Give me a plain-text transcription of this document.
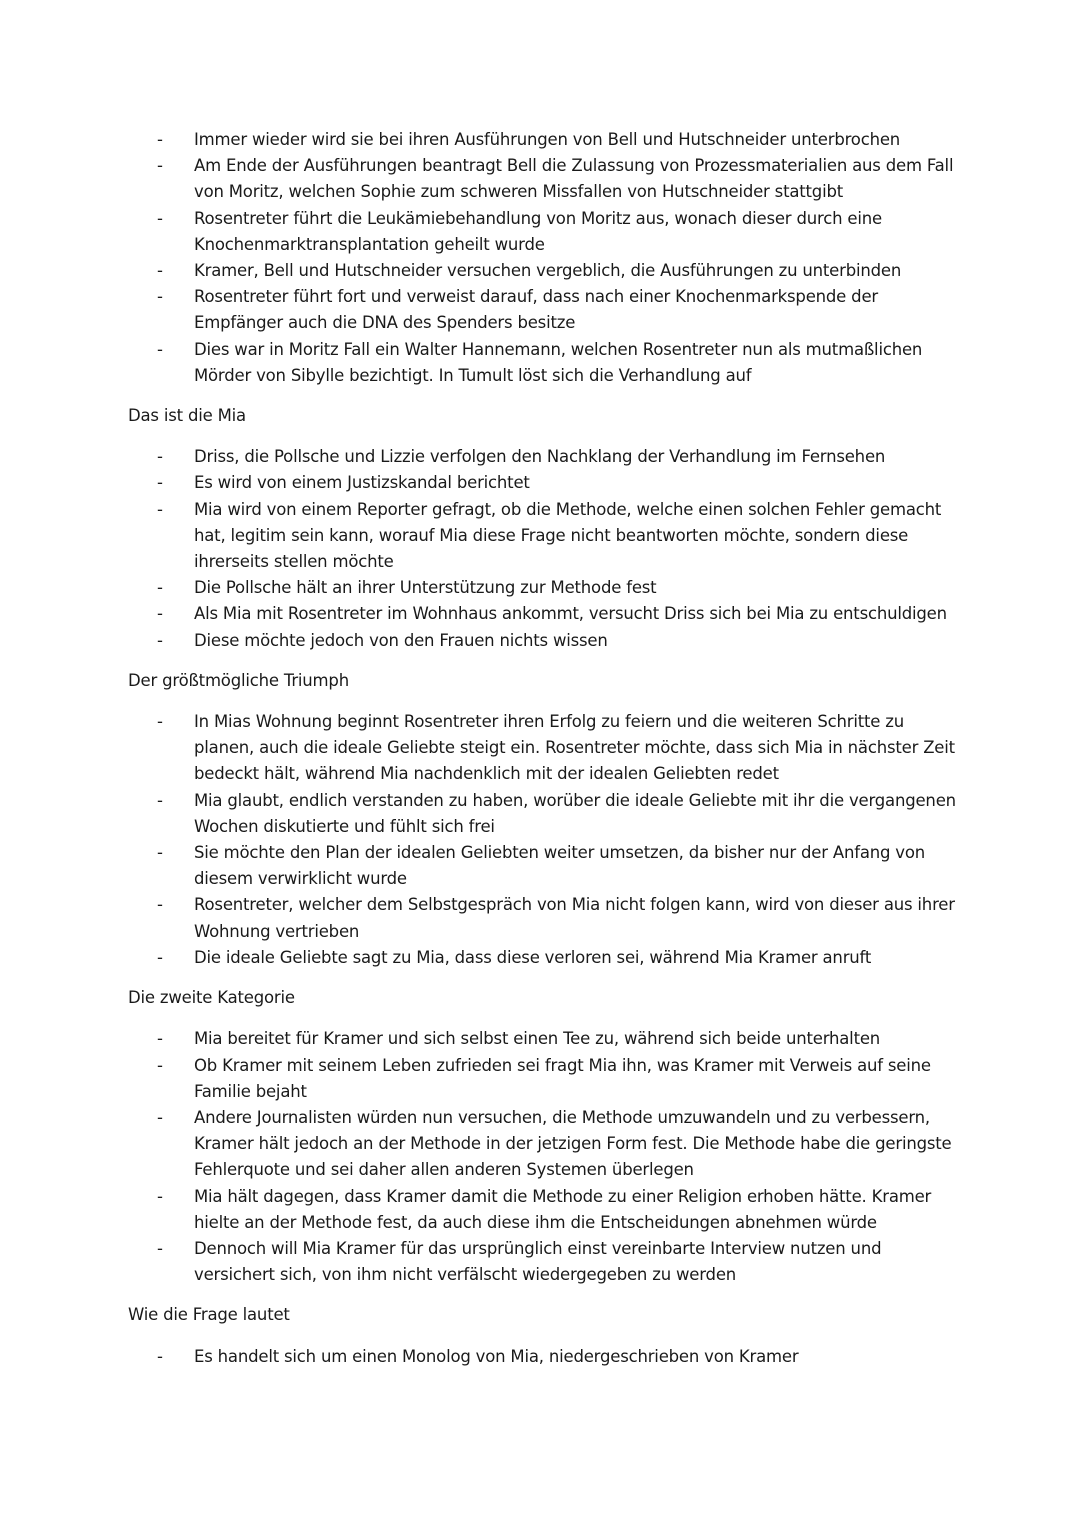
- Immer wieder wird sie bei ihren Ausführungen von Bell und Hutschneider unterbrochen
- Am Ende der Ausführungen beantragt Bell die Zulassung von Prozessmaterialien aus dem Fall von Moritz, welchen Sophie zum schweren Missfallen von Hutschneider stattgibt
- Rosentreter führt die Leukämiebehandlung von Moritz aus, wonach dieser durch eine Knochenmarktransplantation geheilt wurde
- Kramer, Bell und Hutschneider versuchen vergeblich, die Ausführungen zu unterbinden
- Rosentreter führt fort und verweist darauf, dass nach einer Knochenmarkspende der Empfänger auch die DNA des Spenders besitze
- Dies war in Moritz Fall ein Walter Hannemann, welchen Rosentreter nun als mutmaßlichen Mörder von Sibylle bezichtigt. In Tumult löst sich die Verhandlung auf
Das ist die Mia
- Driss, die Pollsche und Lizzie verfolgen den Nachklang der Verhandlung im Fernsehen
- Es wird von einem Justizskandal berichtet
- Mia wird von einem Reporter gefragt, ob die Methode, welche einen solchen Fehler gemacht hat, legitim sein kann, worauf Mia diese Frage nicht beantworten möchte, sondern diese ihrerseits stellen möchte
- Die Pollsche hält an ihrer Unterstützung zur Methode fest
- Als Mia mit Rosentreter im Wohnhaus ankommt, versucht Driss sich bei Mia zu entschuldigen
- Diese möchte jedoch von den Frauen nichts wissen
Der größtmögliche Triumph
- In Mias Wohnung beginnt Rosentreter ihren Erfolg zu feiern und die weiteren Schritte zu planen, auch die ideale Geliebte steigt ein. Rosentreter möchte, dass sich Mia in nächster Zeit bedeckt hält, während Mia nachdenklich mit der idealen Geliebten redet
- Mia glaubt, endlich verstanden zu haben, worüber die ideale Geliebte mit ihr die vergangenen Wochen diskutierte und fühlt sich frei
- Sie möchte den Plan der idealen Geliebten weiter umsetzen, da bisher nur der Anfang von diesem verwirklicht wurde
- Rosentreter, welcher dem Selbstgespräch von Mia nicht folgen kann, wird von dieser aus ihrer Wohnung vertrieben
- Die ideale Geliebte sagt zu Mia, dass diese verloren sei, während Mia Kramer anruft
Die zweite Kategorie
- Mia bereitet für Kramer und sich selbst einen Tee zu, während sich beide unterhalten
- Ob Kramer mit seinem Leben zufrieden sei fragt Mia ihn, was Kramer mit Verweis auf seine Familie bejaht
- Andere Journalisten würden nun versuchen, die Methode umzuwandeln und zu verbessern, Kramer hält jedoch an der Methode in der jetzigen Form fest. Die Methode habe die geringste Fehlerquote und sei daher allen anderen Systemen überlegen
- Mia hält dagegen, dass Kramer damit die Methode zu einer Religion erhoben hätte. Kramer hielte an der Methode fest, da auch diese ihm die Entscheidungen abnehmen würde
- Dennoch will Mia Kramer für das ursprünglich einst vereinbarte Interview nutzen und versichert sich, von ihm nicht verfälscht wiedergegeben zu werden
Wie die Frage lautet
- Es handelt sich um einen Monolog von Mia, niedergeschrieben von Kramer
